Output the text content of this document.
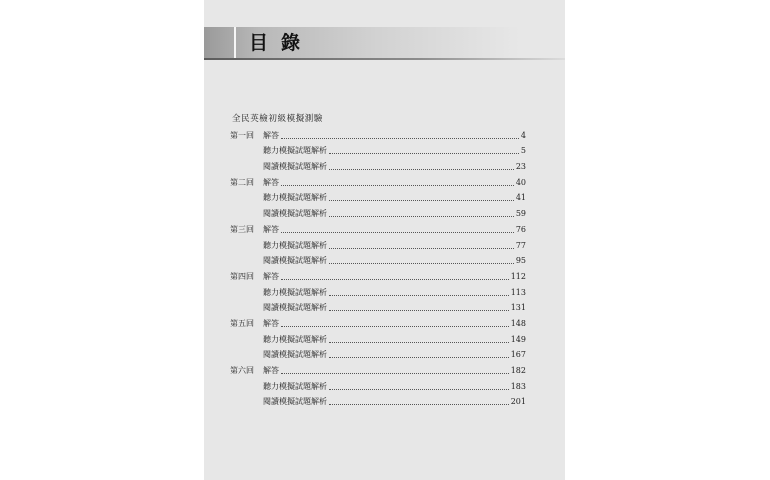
目錄
全民英檢初級模擬測驗
第一回	解答	4
聽力模擬試題解析	5
閱讀模擬試題解析	23
第二回	解答	40
聽力模擬試題解析	41
閱讀模擬試題解析	59
第三回	解答	76
聽力模擬試題解析	77
閱讀模擬試題解析	95
第四回	解答	112
聽力模擬試題解析	113
閱讀模擬試題解析	131
第五回	解答	148
聽力模擬試題解析	149
閱讀模擬試題解析	167
第六回	解答	182
聽力模擬試題解析	183
閱讀模擬試題解析	201
